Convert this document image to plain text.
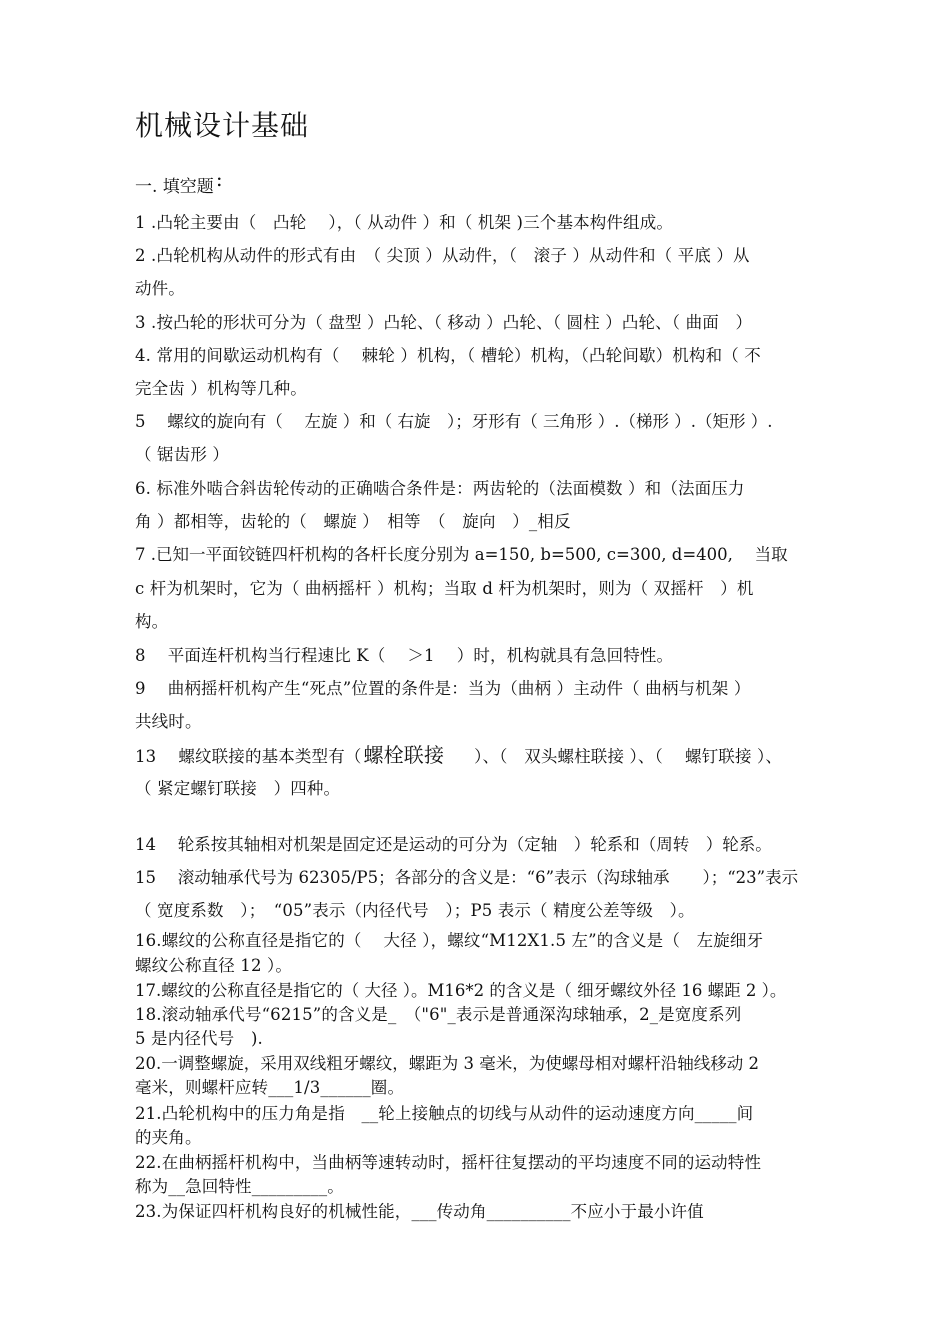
机械设计基础
一. 填空题 :
1 .凸轮主要由（　凸轮　 ），（ 从动件 ）和（ 机架 )三个基本构件组成。
2 .凸轮机构从动件的形式有由　（ 尖顶 ）从动件，（　滚子 ）从动件和（ 平底 ）从
动件。
3 .按凸轮的形状可分为（ 盘型 ）凸轮、（ 移动 ）凸轮、（ 圆柱 ）凸轮、（ 曲面　）
4. 常用的间歇运动机构有（　 棘轮 ）机构，（ 槽轮）机构，（凸轮间歇）机构和（ 不
完全齿 ）机构等几种。
5　 螺纹的旋向有（　 左旋 ）和（ 右旋　）；牙形有（ 三角形 ）.（梯形 ）.（矩形 ）.
（ 锯齿形 ）
6. 标准外啮合斜齿轮传动的正确啮合条件是：两齿轮的（法面模数 ）和（法面压力
角 ）都相等，齿轮的（　螺旋 ）　相等　（　旋向　）_相反
7 .已知一平面铰链四杆机构的各杆长度分别为 a=150, b=500, c=300, d=400,　 当取
c 杆为机架时，它为（ 曲柄摇杆 ）机构；当取 d 杆为机架时，则为（ 双摇杆　）机
构。
8　 平面连杆机构当行程速比 K（　 ＞1　 ）时，机构就具有急回特性。
9　 曲柄摇杆机构产生“死点”位置的条件是：当为（曲柄 ）主动件（ 曲柄与机架 ）
共线时。
13　 螺纹联接的基本类型有（ 螺栓联接 ）、（　双头螺柱联接 ）、（　 螺钉联接 ）、
（ 紧定螺钉联接　）四种。
14　 轮系按其轴相对机架是固定还是运动的可分为（定轴　）轮系和（周转　）轮系。
15　 滚动轴承代号为 62305/P5；各部分的含义是：“6”表示（沟球轴承　　）；“23”表示
（ 宽度系数　）；　“05”表示（内径代号　）；P5 表示（ 精度公差等级　）。
16.螺纹的公称直径是指它的（　 大径 ），螺纹“M12X1.5 左”的含义是（　左旋细牙
螺纹公称直径 12 ）。
17.螺纹的公称直径是指它的（ 大径 ）。M16*2 的含义是（ 细牙螺纹外径 16 螺距 2 ）。
18.滚动轴承代号“6215”的含义是_　（"6"_表示是普通深沟球轴承，2_是宽度系列
5 是内径代号　).
20.一调整螺旋，采用双线粗牙螺纹，螺距为 3 毫米，为使螺母相对螺杆沿轴线移动 2
毫米，则螺杆应转___1/3______圈。
21.凸轮机构中的压力角是指　__轮上接触点的切线与从动件的运动速度方向_____间
的夹角。
22.在曲柄摇杆机构中，当曲柄等速转动时，摇杆往复摆动的平均速度不同的运动特性
称为__急回特性_________。
23.为保证四杆机构良好的机械性能，___传动角__________不应小于最小许值
